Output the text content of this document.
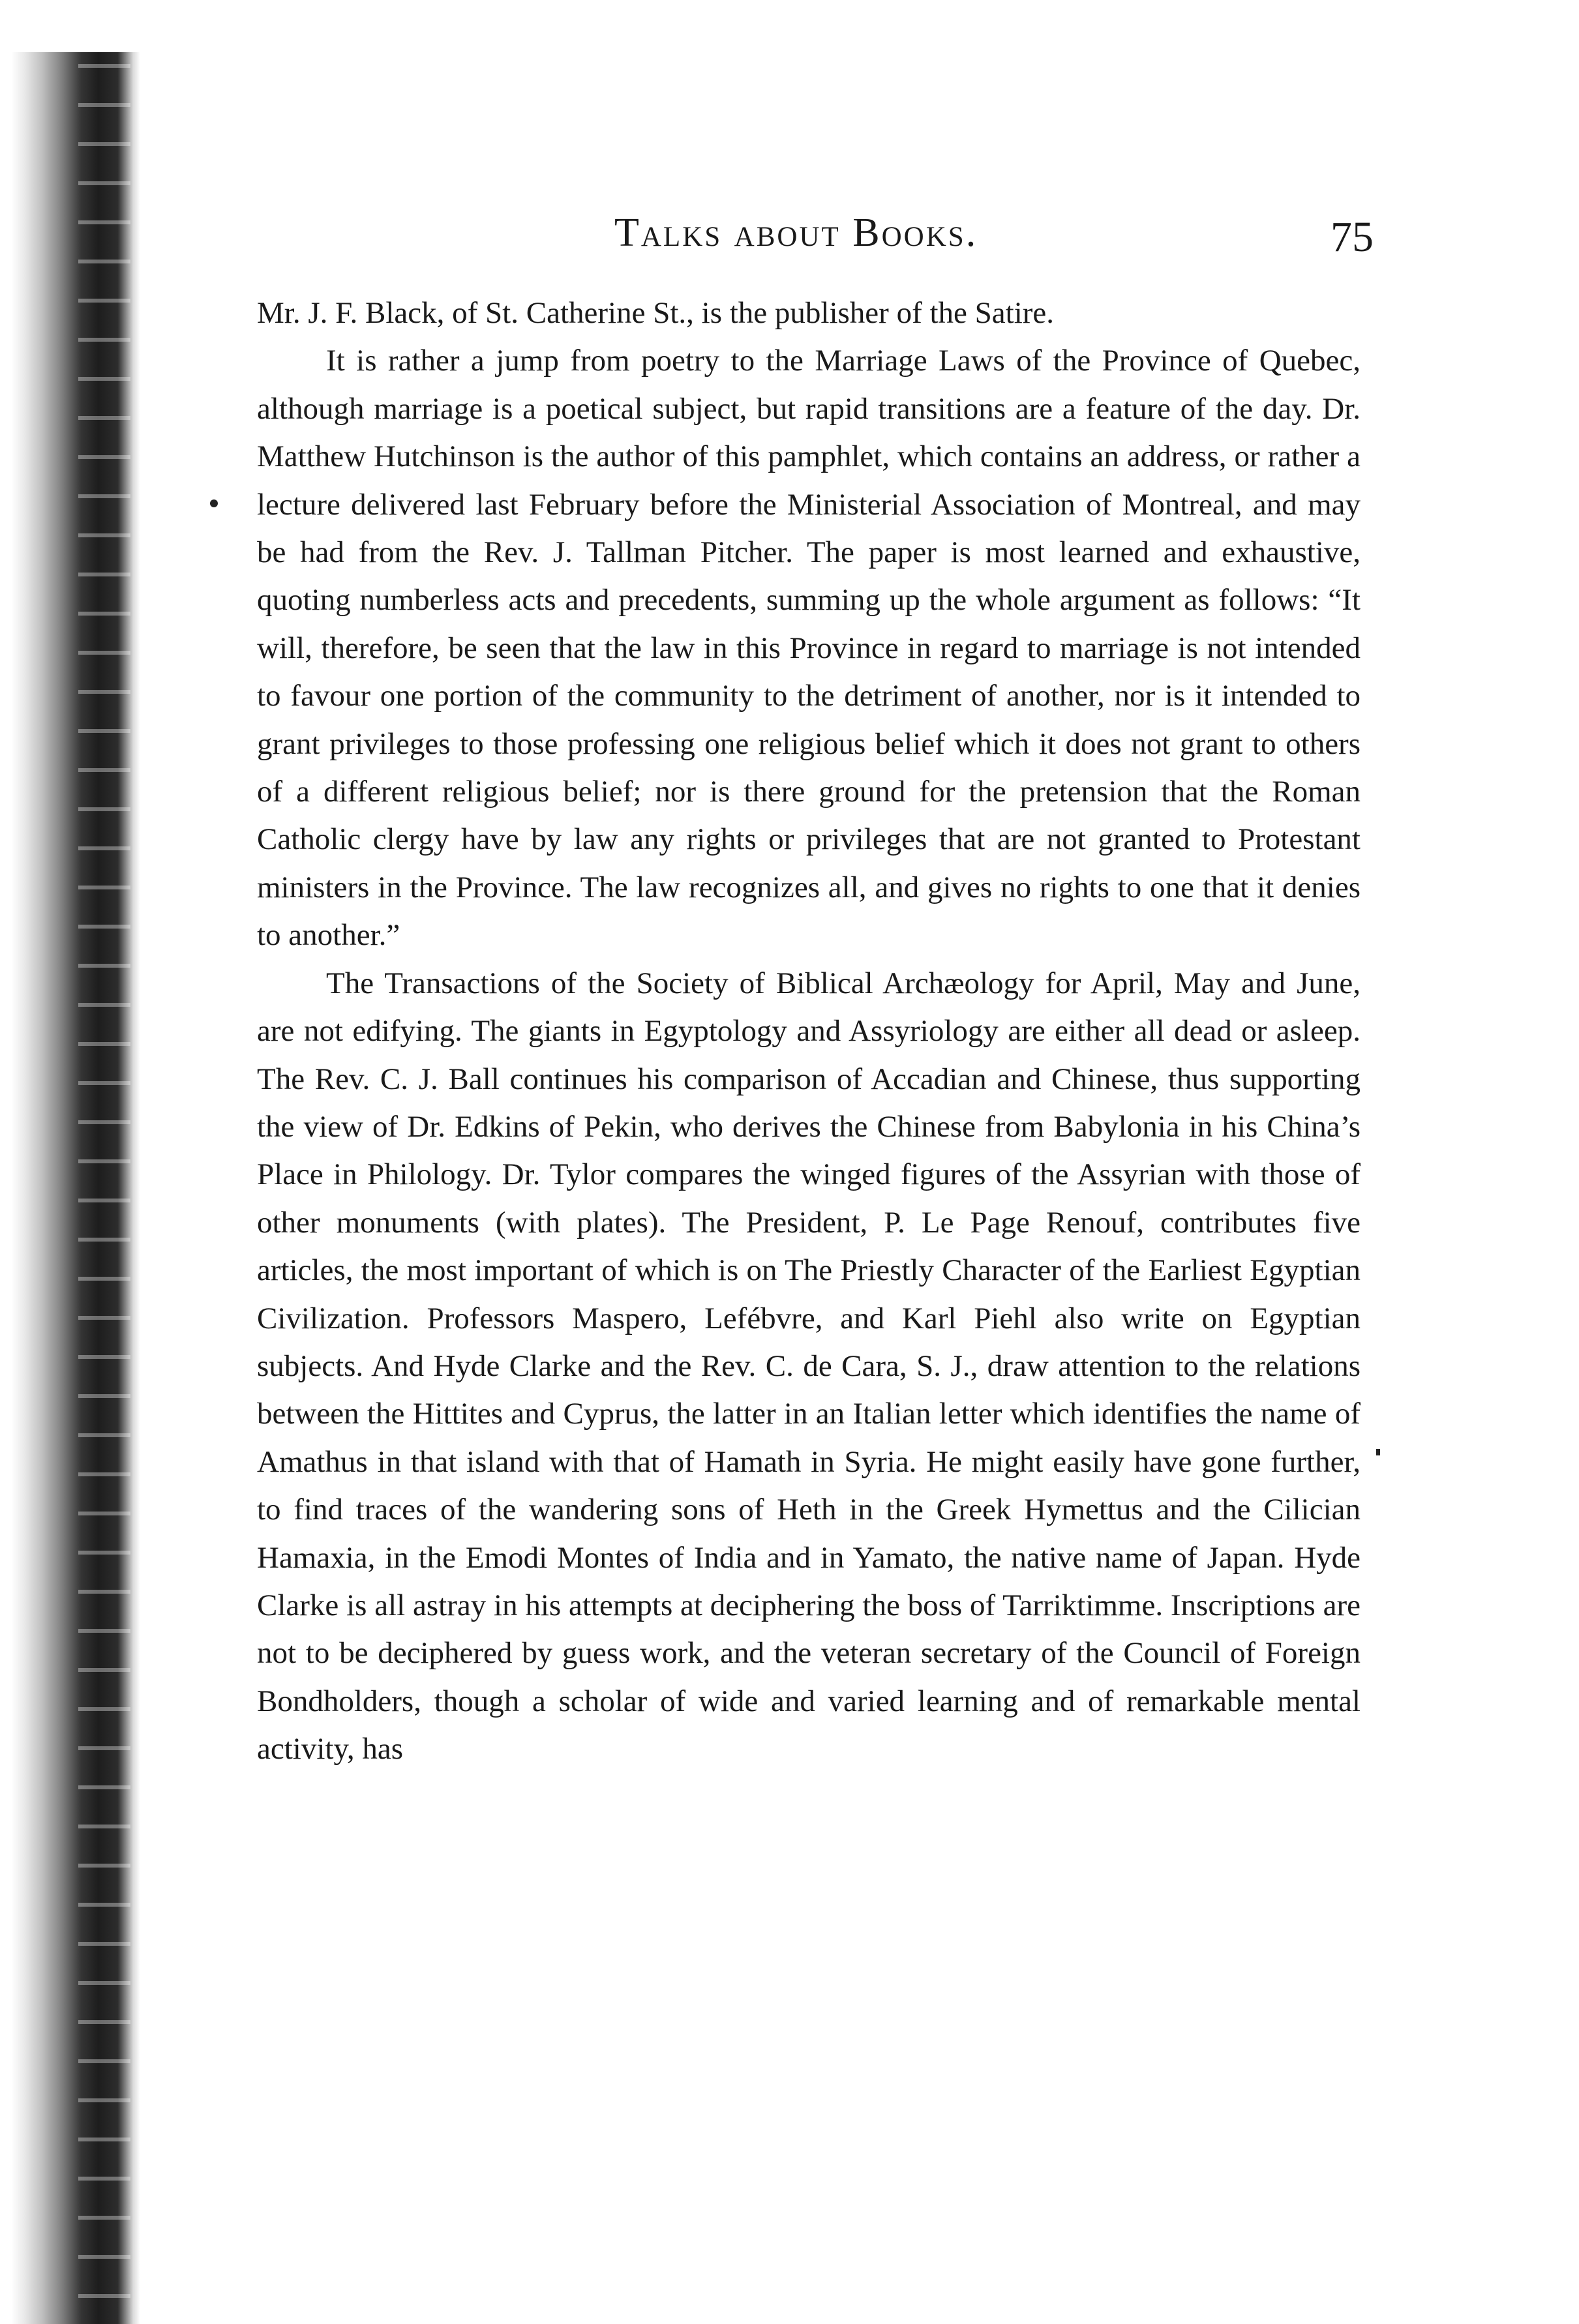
Talks about Books.	75

Mr. J. F. Black, of St. Catherine St., is the publisher of the Satire.

It is rather a jump from poetry to the Marriage Laws of the Province of Quebec, although marriage is a poetical subject, but rapid transitions are a feature of the day. Dr. Matthew Hutchinson is the author of this pamphlet, which contains an address, or rather a lecture delivered last February before the Ministerial Association of Montreal, and may be had from the Rev. J. Tallman Pitcher. The paper is most learned and exhaustive, quoting numberless acts and precedents, summing up the whole argument as follows: “It will, therefore, be seen that the law in this Province in regard to marriage is not intended to favour one portion of the community to the detriment of another, nor is it intended to grant privileges to those professing one religious belief which it does not grant to others of a different religious belief; nor is there ground for the pretension that the Roman Catholic clergy have by law any rights or privileges that are not granted to Protestant ministers in the Province. The law recognizes all, and gives no rights to one that it denies to another.”

The Transactions of the Society of Biblical Archæology for April, May and June, are not edifying. The giants in Egyptology and Assyriology are either all dead or asleep. The Rev. C. J. Ball continues his comparison of Accadian and Chinese, thus supporting the view of Dr. Edkins of Pekin, who derives the Chinese from Babylonia in his China’s Place in Philology. Dr. Tylor compares the winged figures of the Assyrian with those of other monuments (with plates). The President, P. Le Page Renouf, contributes five articles, the most important of which is on The Priestly Character of the Earliest Egyptian Civilization. Professors Maspero, Lefébvre, and Karl Piehl also write on Egyptian subjects. And Hyde Clarke and the Rev. C. de Cara, S. J., draw attention to the relations between the Hittites and Cyprus, the latter in an Italian letter which identifies the name of Amathus in that island with that of Hamath in Syria. He might easily have gone further, to find traces of the wandering sons of Heth in the Greek Hymettus and the Cilician Hamaxia, in the Emodi Montes of India and in Yamato, the native name of Japan. Hyde Clarke is all astray in his attempts at deciphering the boss of Tarriktimme. Inscriptions are not to be deciphered by guess work, and the veteran secretary of the Council of Foreign Bondholders, though a scholar of wide and varied learning and of remarkable mental activity, has
